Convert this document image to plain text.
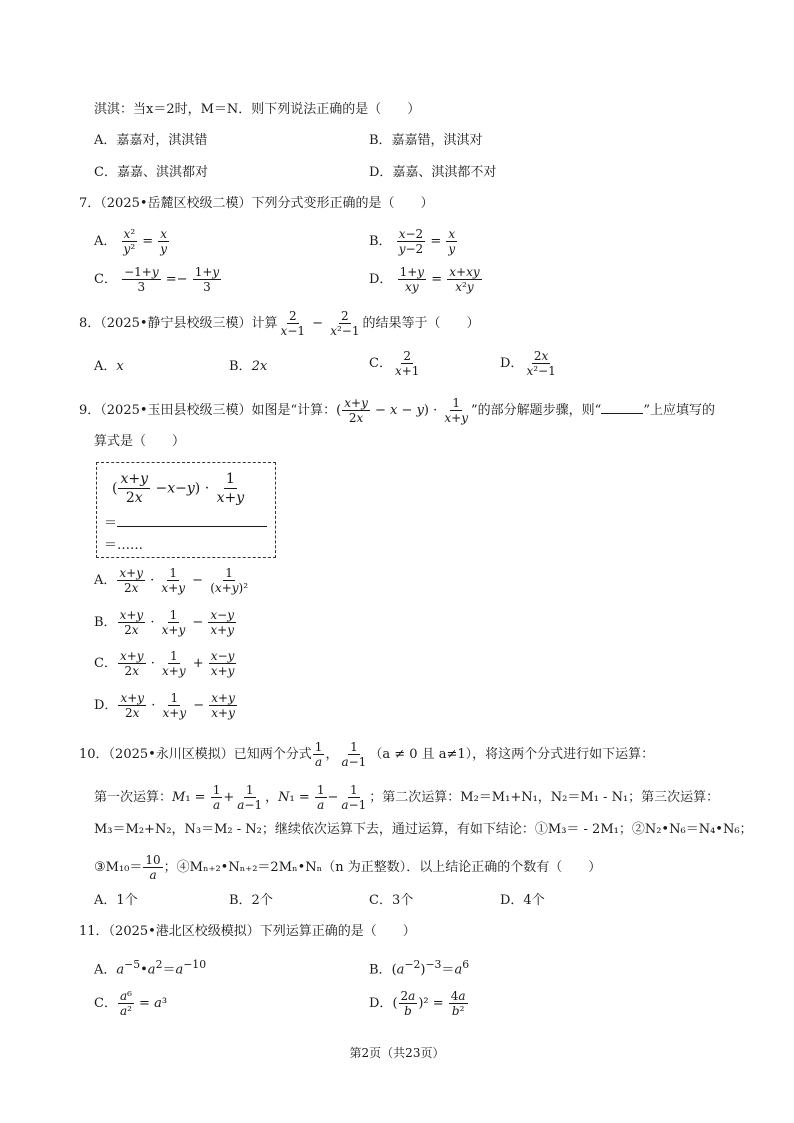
淇淇：当x＝2时，M＝N．则下列说法正确的是（　　）
A．嘉嘉对，淇淇错	B．嘉嘉错，淇淇对
C．嘉嘉、淇淇都对	D．嘉嘉、淇淇都不对
7．（2025•岳麓区校级二模）下列分式变形正确的是（　　）
A． $\frac{\text{x²}}{\text{y²}} = \frac{x}{y}$	B． $\frac{x-2}{y-2} = \frac{x}{y}$
C． $\frac{-1+y}{3} =- \frac{1+y}{3}$	D． $\frac{1+y}{xy} = \frac{x+xy}{\text{x²y}}$
8．（2025•静宁县校级三模）计算 $\frac{2}{x-1} - \frac{2}{\text{x²−1}}$ 的结果等于（　　）
A．x	B．2x	C． $\frac{2}{x+1}$	D． $\frac{2x}{\text{x²−1}}$
9．（2025•玉田县校级三模）如图是“计算：( $\frac{x+y}{2x} - x - y) \cdot \frac{1}{x+y}$ ”的部分解题步骤，则“	”上应填写的
算式是（　　）
( $\frac{x+y}{2x} -x-y) \cdot \frac{1}{x+y}$
＝
＝……
A． $\frac{x+y}{2x} \cdot \frac{1}{x+y} - \frac{1}{\text{(x+y)²}}$
B． $\frac{x+y}{2x} \cdot \frac{1}{x+y} - \frac{x-y}{x+y}$
C． $\frac{x+y}{2x} \cdot \frac{1}{x+y} + \frac{x-y}{x+y}$
D． $\frac{x+y}{2x} \cdot \frac{1}{x+y} - \frac{x+y}{x+y}$
10．（2025•永川区模拟）已知两个分式 $\frac{1}{a}$ ， $\frac{1}{a-1} (a \ne 0$ 且 a≠1），将这两个分式进行如下运算：
第一次运算：$M_1 = \frac{1}{a} + \frac{1}{a-1}$ ，$N_1 = \frac{1}{a} - \frac{1}{a-1}$ ；第二次运算：M₂＝M₁+N₁，N₂＝M₁ - N₁；第三次运算：
M₃＝M₂+N₂，N₃＝M₂ - N₂；继续依次运算下去，通过运算，有如下结论：①M₃＝ - 2M₁；②N₂•N₆＝N₄•N₆；
③M₁₀＝ $\frac{10}{a}$ ；④Mₙ₊₂•Nₙ₊₂＝2Mₙ•Nₙ（n 为正整数）．以上结论正确的个数有（　　）
A．1个	B．2个	C．3个	D．4个
11．（2025•港北区校级模拟）下列运算正确的是（　　）
A．$a^{-5}•a^2=a^{-10}$	B．$(a^{-2})^{-3}=a^6$
C． $\frac{\text{a⁶}}{\text{a²}} = a^3$	D．( $\frac{2a}{b} )^2 = \frac{4a}{\text{b²}}$
第2页（共23页）
